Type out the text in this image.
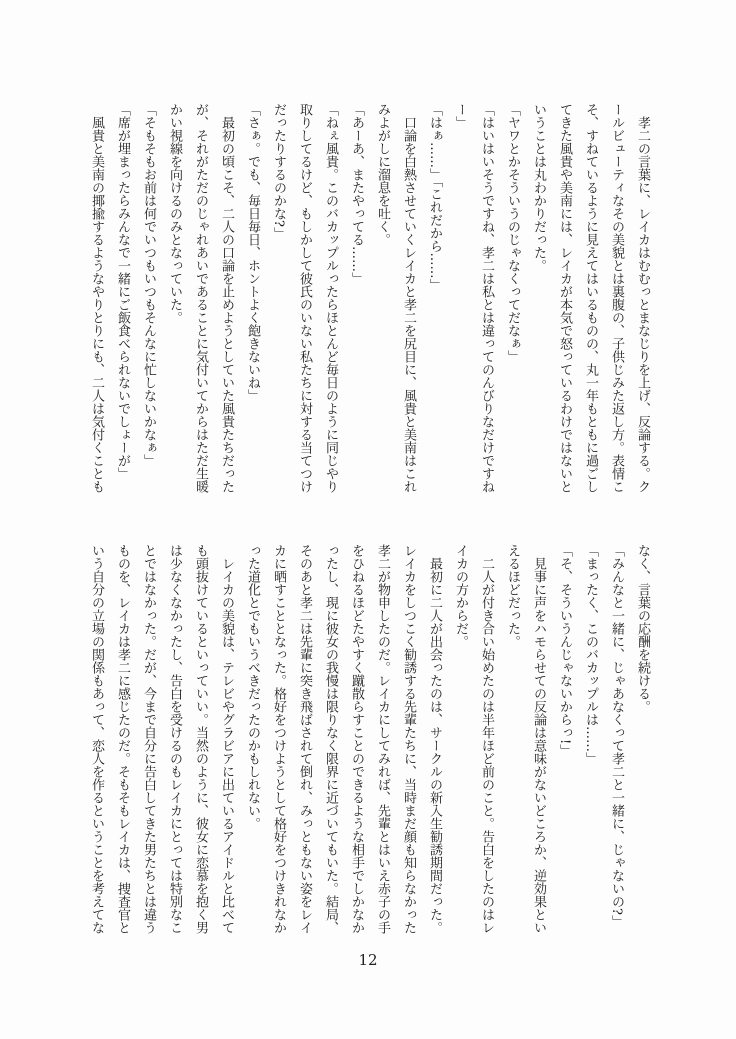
孝二の言葉に、レイカはむむっとまなじりを上げ、反論する。クールビューティなその美貌とは裏腹の、子供じみた返し方。表情こそ、すねているように見えてはいるものの、丸一年もともに過ごしてきた風貴や美南には、レイカが本気で怒っているわけではないということは丸わかりだった。

「ヤワとかそういうのじゃなくってだなぁ」

「はいはいそうですね、孝二は私とは違ってのんびりなだけですねー」

「はぁ……」「これだから……」

口論を白熱させていくレイカと孝二を尻目に、風貴と美南はこれみよがしに溜息を吐く。

「あーあ、またやってる……」

「ねぇ風貴。このバカップルったらほとんど毎日のように同じやり取りしてるけど、もしかして彼氏のいない私たちに対する当てつけだったりするのかな?」

「さぁ。でも、毎日毎日、ホントよく飽きないね」

最初の頃こそ、二人の口論を止めようとしていた風貴たちだったが、それがただのじゃれあいであることに気付いてからはただ生暖かい視線を向けるのみとなっていた。

「そもそもお前は何でいつもいつもそんなに忙しないかなぁ」

「席が埋まったらみんなで一緒にご飯食べられないでしょーが」

風貴と美南の揶揄するようなやりとりにも、二人は気付くことも

なく、言葉の応酬を続ける。

「みんなと一緒に、じゃあなくって孝二と一緒に、じゃないの?」

「まったく、このバカップルは……」

「そ、そういうんじゃないからっ!」

見事に声をハモらせての反論は意味がないどころか、逆効果といえるほどだった。

二人が付き合い始めたのは半年ほど前のこと。告白をしたのはレイカの方からだ。

最初に二人が出会ったのは、サークルの新入生勧誘期間だった。レイカをしつこく勧誘する先輩たちに、当時まだ顔も知らなかった孝二が物申したのだ。レイカにしてみれば、先輩とはいえ赤子の手をひねるほどたやすく蹴散らすことのできるような相手でしかなかったし、現に彼女の我慢は限りなく限界に近づいてもいた。結局、そのあと孝二は先輩に突き飛ばされて倒れ、みっともない姿をレイカに晒すこととなった。格好をつけようとして格好をつけきれなかった道化とでもいうべきだったのかもしれない。

レイカの美貌は、テレビやグラビアに出ているアイドルと比べても頭抜けているといっていい。当然のように、彼女に恋慕を抱く男は少なくなかったし、告白を受けるのもレイカにとっては特別なことではなかった。だが、今まで自分に告白してきた男たちとは違うものを、レイカは孝二に感じたのだ。そもそもレイカは、捜査官という自分の立場の関係もあって、恋人を作るということを考えてな

12
